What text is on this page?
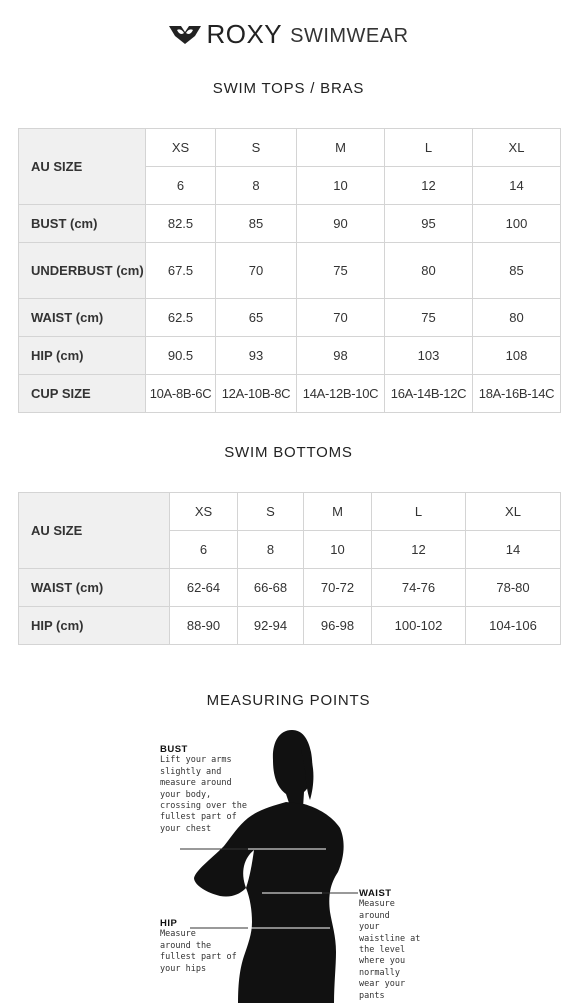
ROXY SWIMWEAR
SWIM TOPS / BRAS
AU SIZE	XS	S	M	L	XL
	6	8	10	12	14
BUST (cm)	82.5	85	90	95	100
UNDERBUST (cm)	67.5	70	75	80	85
WAIST (cm)	62.5	65	70	75	80
HIP (cm)	90.5	93	98	103	108
CUP SIZE	10A-8B-6C	12A-10B-8C	14A-12B-10C	16A-14B-12C	18A-16B-14C
SWIM BOTTOMS
AU SIZE	XS	S	M	L	XL
	6	8	10	12	14
WAIST (cm)	62-64	66-68	70-72	74-76	78-80
HIP (cm)	88-90	92-94	96-98	100-102	104-106
MEASURING POINTS
BUST
Lift your arms
slightly and
measure around
your body,
crossing over the
fullest part of
your chest
WAIST
Measure
around
your
waistline at
the level
where you
normally
wear your
pants
HIP
Measure
around the
fullest part of
your hips
